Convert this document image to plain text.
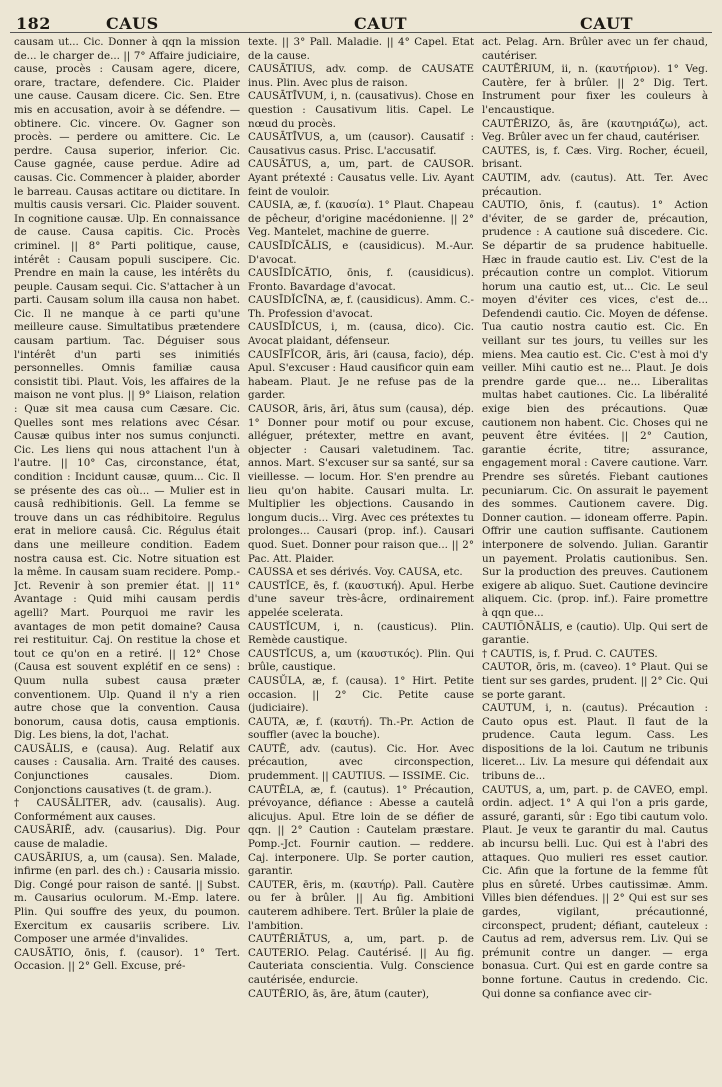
182	CAUS	CAUT	CAUT

causam ut... Cic. Donner à qqn la mission de... le charger de... || 7° Affaire judiciaire, cause, procès : Causam agere, dicere, orare, tractare, defendere. Cic. Plaider une cause. Causam dicere. Cic. Sen. Etre mis en accusation, avoir à se défendre. — obtinere. Cic. vincere. Ov. Gagner son procès. — perdere ou amittere. Cic. Le perdre. Causa superior, inferior. Cic. Cause gagnée, cause perdue. Adire ad causas. Cic. Commencer à plaider, aborder le barreau. Causas actitare ou dictitare. In multis causis versari. Cic. Plaider souvent. In cognitione causæ. Ulp. En connaissance de cause. Causa capitis. Cic. Procès criminel. || 8° Parti politique, cause, intérêt : Causam populi suscipere. Cic. Prendre en main la cause, les intérêts du peuple. Causam sequi. Cic. S'attacher à un parti. Causam solum illa causa non habet. Cic. Il ne manque à ce parti qu'une meilleure cause. Simultatibus prætendere causam partium. Tac. Déguiser sous l'intérêt d'un parti ses inimitiés personnelles. Omnis familiæ causa consistit tibi. Plaut. Vois, les affaires de la maison ne vont plus. || 9° Liaison, relation : Quæ sit mea causa cum Cæsare. Cic. Quelles sont mes relations avec César. Causæ quibus inter nos sumus conjuncti. Cic. Les liens qui nous attachent l'un à l'autre. || 10° Cas, circonstance, état, condition : Incidunt causæ, quum... Cic. Il se présente des cas où... — Mulier est in causâ redhibitionis. Gell. La femme se trouve dans un cas rédhibitoire. Regulus erat in meliore causâ. Cic. Régulus était dans une meilleure condition. Eadem nostra causa est. Cic. Notre situation est la même. In causam suam recidere. Pomp.-Jct. Revenir à son premier état. || 11° Avantage : Quid mihi causam perdis agelli? Mart. Pourquoi me ravir les avantages de mon petit domaine? Causa rei restituitur. Caj. On restitue la chose et tout ce qu'on en a retiré. || 12° Chose (Causa est souvent explétif en ce sens) : Quum nulla subest causa præter conventionem. Ulp. Quand il n'y a rien autre chose que la convention. Causa bonorum, causa dotis, causa emptionis. Dig. Les biens, la dot, l'achat.

CAUSĀLIS, e (causa). Aug. Relatif aux causes : Causalia. Arn. Traité des causes. Conjunctiones causales. Diom. Conjonctions causatives (t. de gram.).

† CAUSĀLITER, adv. (causalis). Aug. Conformément aux causes.

CAUSĀRIĒ, adv. (causarius). Dig. Pour cause de maladie.

CAUSĀRIUS, a, um (causa). Sen. Malade, infirme (en parl. des ch.) : Causaria missio. Dig. Congé pour raison de santé. || Subst. m. Causarius oculorum. M.-Emp. latere. Plin. Qui souffre des yeux, du poumon. Exercitum ex causariis scribere. Liv. Composer une armée d'invalides.

CAUSĀTIO, ōnis, f. (causor). 1° Tert. Occasion. || 2° Gell. Excuse, pré-

texte. || 3° Pall. Maladie. || 4° Capel. Etat de la cause.

CAUSĀTIUS, adv. comp. de CAUSATE inus. Plin. Avec plus de raison.

CAUSĀTĪVUM, i, n. (causativus). Chose en question : Causativum litis. Capel. Le nœud du procès.

CAUSĀTĪVUS, a, um (causor). Causatif : Causativus casus. Prisc. L'accusatif.

CAUSĀTUS, a, um, part. de CAUSOR. Ayant prétexté : Causatus velle. Liv. Ayant feint de vouloir.

CAUSIA, æ, f. (καυσία). 1° Plaut. Chapeau de pêcheur, d'origine macédonienne. || 2° Veg. Mantelet, machine de guerre.

CAUSĪDĬCĀLIS, e (causidicus). M.-Aur. D'avocat.

CAUSĪDĬCĀTIO, ōnis, f. (causidicus). Fronto. Bavardage d'avocat.

CAUSĪDĬCĪNA, æ, f. (causidicus). Amm. C.-Th. Profession d'avocat.

CAUSĪDĬCUS, i, m. (causa, dico). Cic. Avocat plaidant, défenseur.

CAUSĪFĬCOR, āris, āri (causa, facio), dép. Apul. S'excuser : Haud causificor quin eam habeam. Plaut. Je ne refuse pas de la garder.

CAUSOR, āris, āri, ātus sum (causa), dép. 1° Donner pour motif ou pour excuse, alléguer, prétexter, mettre en avant, objecter : Causari valetudinem. Tac. annos. Mart. S'excuser sur sa santé, sur sa vieillesse. — locum. Hor. S'en prendre au lieu qu'on habite. Causari multa. Lr. Multiplier les objections. Causando in longum ducis... Virg. Avec ces prétextes tu prolonges... Causari (prop. inf.). Causari quod. Suet. Donner pour raison que... || 2° Pac. Att. Plaider.

CAUSSA et ses dérivés. Voy. CAUSA, etc.

CAUSTĬCE, ēs, f. (καυστική). Apul. Herbe d'une saveur très-âcre, ordinairement appelée scelerata.

CAUSTĬCUM, i, n. (causticus). Plin. Remède caustique.

CAUSTĬCUS, a, um (καυστικός). Plin. Qui brûle, caustique.

CAUSŬLA, æ, f. (causa). 1° Hirt. Petite occasion. || 2° Cic. Petite cause (judiciaire).

CAUTA, æ, f. (καυτή). Th.-Pr. Action de souffler (avec la bouche).

CAUTĒ, adv. (cautus). Cic. Hor. Avec précaution, avec circonspection, prudemment. || CAUTIUS. — ISSIME. Cic.

CAUTĒLA, æ, f. (cautus). 1° Précaution, prévoyance, défiance : Abesse a cautelâ alicujus. Apul. Etre loin de se défier de qqn. || 2° Caution : Cautelam præstare. Pomp.-Jct. Fournir caution. — reddere. Caj. interponere. Ulp. Se porter caution, garantir.

CAUTER, ēris, m. (καυτήρ). Pall. Cautère ou fer à brûler. || Au fig. Ambitioni cauterem adhibere. Tert. Brûler la plaie de l'ambition.

CAUTĒRIĀTUS, a, um, part. p. de CAUTERIO. Pelag. Cautérisé. || Au fig. Cauteriata conscientia. Vulg. Conscience cautérisée, endurcie.

CAUTĒRIO, ās, āre, ātum (cauter),

act. Pelag. Arn. Brûler avec un fer chaud, cautériser.

CAUTĒRIUM, ii, n. (καυτήριον). 1° Veg. Cautère, fer à brûler. || 2° Dig. Tert. Instrument pour fixer les couleurs à l'encaustique.

CAUTĒRIZO, ās, āre (καυτηριάζω), act. Veg. Brûler avec un fer chaud, cautériser.

CAUTES, is, f. Cæs. Virg. Rocher, écueil, brisant.

CAUTIM, adv. (cautus). Att. Ter. Avec précaution.

CAUTIO, ōnis, f. (cautus). 1° Action d'éviter, de se garder de, précaution, prudence : A cautione suâ discedere. Cic. Se départir de sa prudence habituelle. Hæc in fraude cautio est. Liv. C'est de la précaution contre un complot. Vitiorum horum una cautio est, ut... Cic. Le seul moyen d'éviter ces vices, c'est de... Defendendi cautio. Cic. Moyen de défense. Tua cautio nostra cautio est. Cic. En veillant sur tes jours, tu veilles sur les miens. Mea cautio est. Cic. C'est à moi d'y veiller. Mihi cautio est ne... Plaut. Je dois prendre garde que... ne... Liberalitas multas habet cautiones. Cic. La libéralité exige bien des précautions. Quæ cautionem non habent. Cic. Choses qui ne peuvent être évitées. || 2° Caution, garantie écrite, titre; assurance, engagement moral : Cavere cautione. Varr. Prendre ses sûretés. Fiebant cautiones pecuniarum. Cic. On assurait le payement des sommes. Cautionem cavere. Dig. Donner caution. — idoneam offerre. Papin. Offrir une caution suffisante. Cautionem interponere de solvendo. Julian. Garantir un payement. Prolatis cautionibus. Sen. Sur la production des preuves. Cautionem exigere ab aliquo. Suet. Cautione devincire aliquem. Cic. (prop. inf.). Faire promettre à qqn que...

CAUTIŌNĀLIS, e (cautio). Ulp. Qui sert de garantie.

† CAUTIS, is, f. Prud. C. CAUTES.

CAUTOR, ōris, m. (caveo). 1° Plaut. Qui se tient sur ses gardes, prudent. || 2° Cic. Qui se porte garant.

CAUTUM, i, n. (cautus). Précaution : Cauto opus est. Plaut. Il faut de la prudence. Cauta legum. Cass. Les dispositions de la loi. Cautum ne tribunis liceret... Liv. La mesure qui défendait aux tribuns de...

CAUTUS, a, um, part. p. de CAVEO, empl. ordin. adject. 1° A qui l'on a pris garde, assuré, garanti, sûr : Ego tibi cautum volo. Plaut. Je veux te garantir du mal. Cautus ab incursu belli. Luc. Qui est à l'abri des attaques. Quo mulieri res esset cautior. Cic. Afin que la fortune de la femme fût plus en sûreté. Urbes cautissimæ. Amm. Villes bien défendues. || 2° Qui est sur ses gardes, vigilant, précautionné, circonspect, prudent; défiant, cauteleux : Cautus ad rem, adversus rem. Liv. Qui se prémunit contre un danger. — erga bonasua. Curt. Qui est en garde contre sa bonne fortune. Cautus in credendo. Cic. Qui donne sa confiance avec cir-
